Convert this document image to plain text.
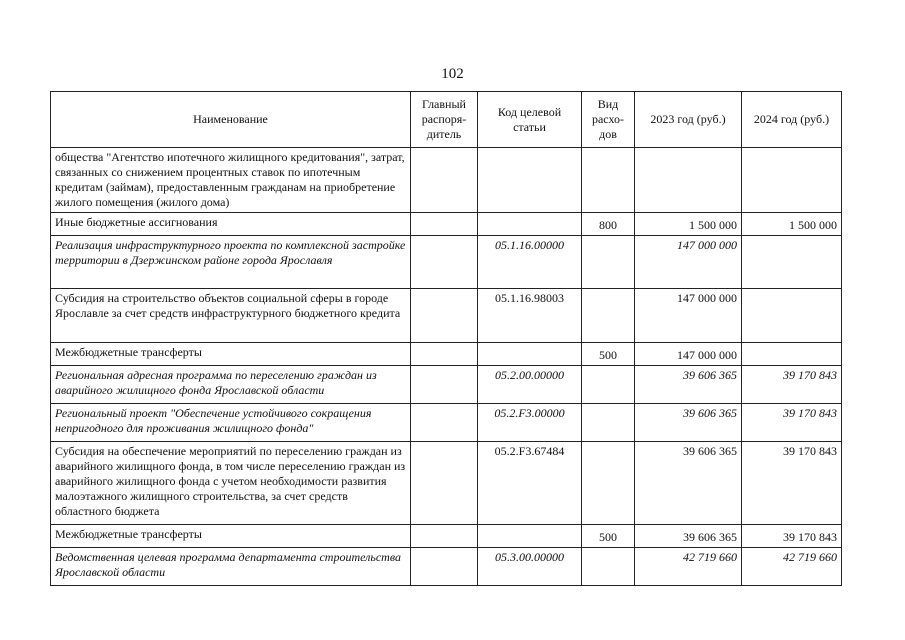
102
Наименование	Главный распоря-дитель	Код целевой статьи	Вид расхо-дов	2023 год (руб.)	2024 год (руб.)
общества "Агентство ипотечного жилищного кредитования", затрат, связанных со снижением процентных ставок по ипотечным кредитам (займам), предоставленным гражданам на приобретение жилого помещения (жилого дома)					
Иные бюджетные ассигнования			800	1 500 000	1 500 000
Реализация инфраструктурного проекта по комплексной застройке территории в Дзержинском районе города Ярославля		05.1.16.00000		147 000 000	
Субсидия на строительство объектов социальной сферы в городе Ярославле за счет средств инфраструктурного бюджетного кредита		05.1.16.98003		147 000 000	
Межбюджетные трансферты			500	147 000 000	
Региональная адресная программа по переселению граждан из аварийного жилищного фонда Ярославской области		05.2.00.00000		39 606 365	39 170 843
Региональный проект "Обеспечение устойчивого сокращения непригодного для проживания жилищного фонда"		05.2.F3.00000		39 606 365	39 170 843
Субсидия на обеспечение мероприятий по переселению граждан из аварийного жилищного фонда, в том числе переселению граждан из аварийного жилищного фонда с учетом необходимости развития малоэтажного жилищного строительства, за счет средств областного бюджета		05.2.F3.67484		39 606 365	39 170 843
Межбюджетные трансферты			500	39 606 365	39 170 843
Ведомственная целевая программа департамента строительства Ярославской области		05.3.00.00000		42 719 660	42 719 660
